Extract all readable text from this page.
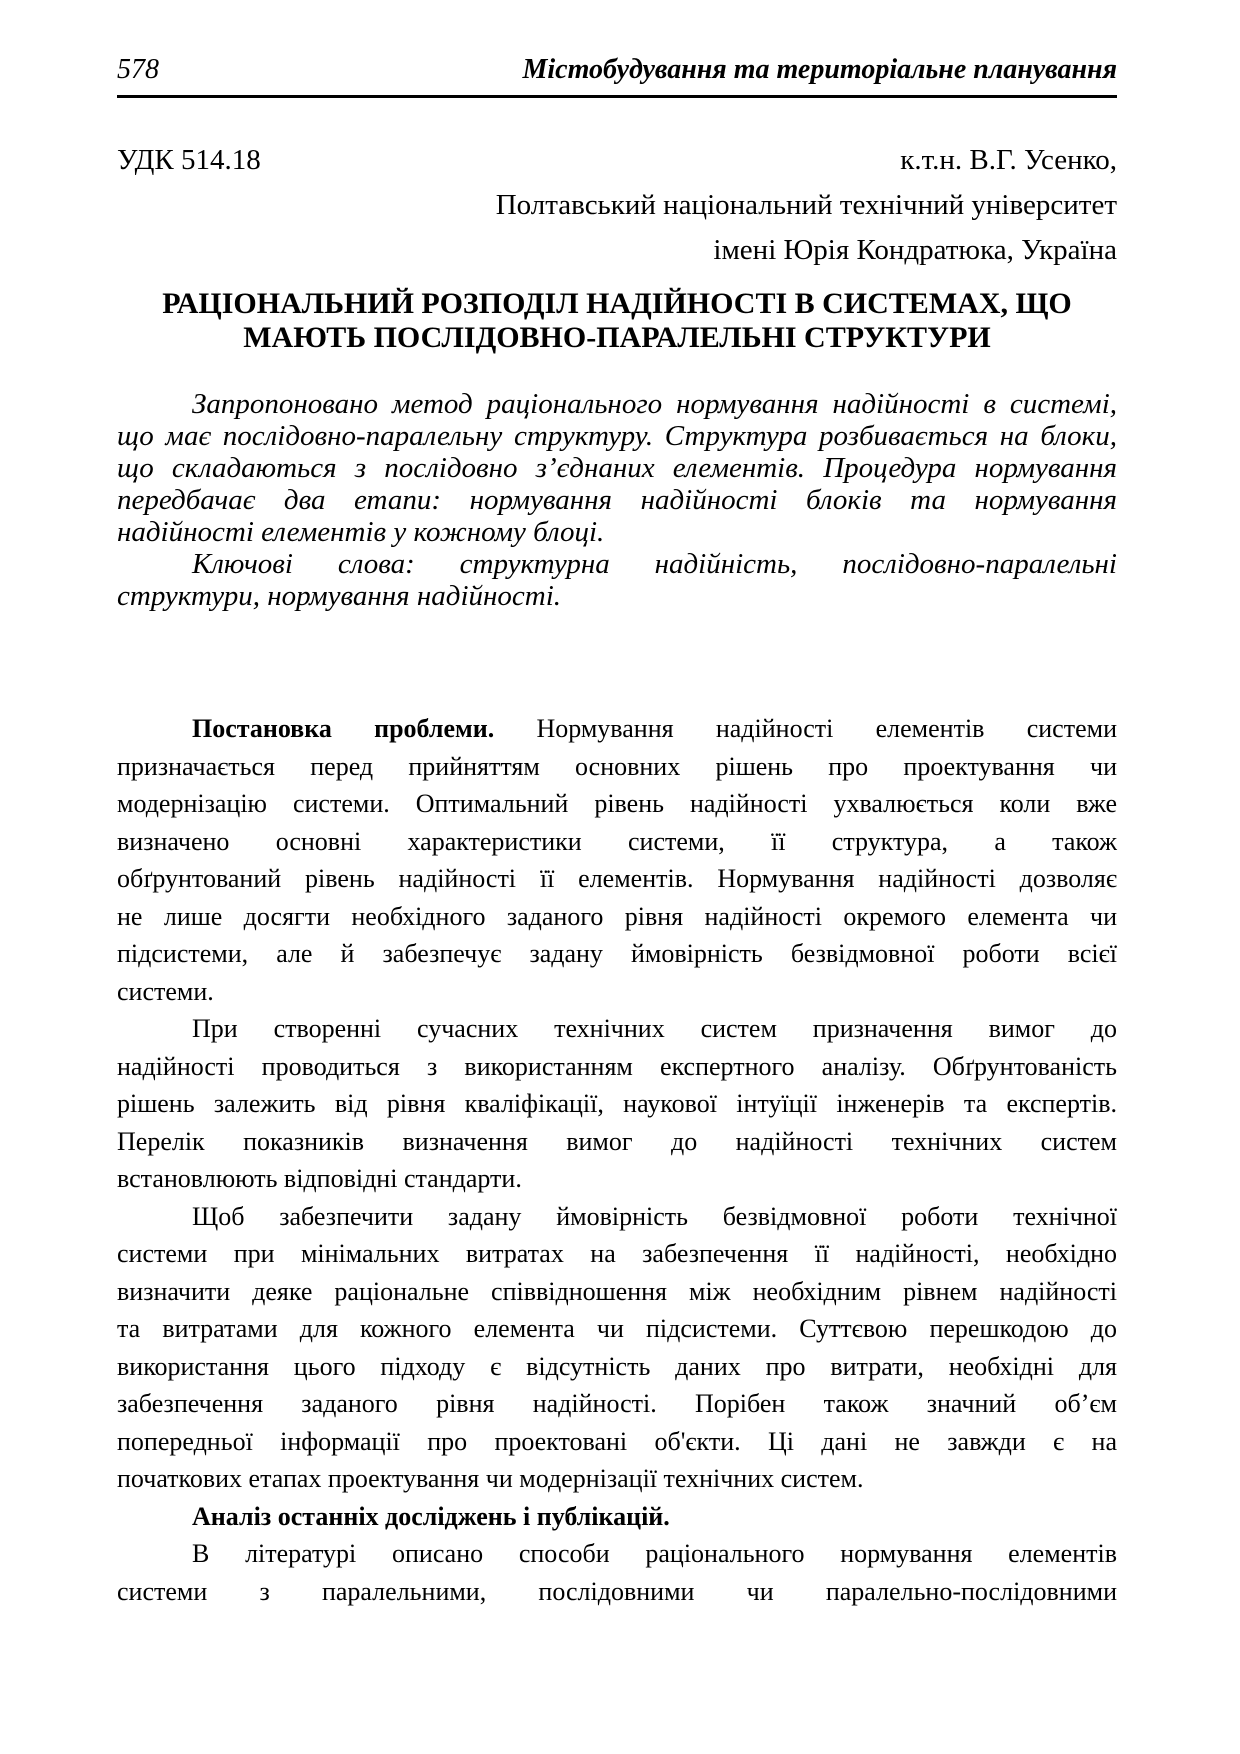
578	Містобудування та територіальне планування
УДК 514.18	к.т.н. В.Г. Усенко,
Полтавський національний технічний університет
імені Юрія Кондратюка, Україна
РАЦІОНАЛЬНИЙ РОЗПОДІЛ НАДІЙНОСТІ В СИСТЕМАХ, ЩО
МАЮТЬ ПОСЛІДОВНО-ПАРАЛЕЛЬНІ СТРУКТУРИ
Запропоновано метод раціонального нормування надійності в системі,
що має послідовно-паралельну структуру. Структура розбивається на блоки,
що складаються з послідовно з’єднаних елементів. Процедура нормування
передбачає два етапи: нормування надійності блоків та нормування
надійності елементів у кожному блоці.
Ключові слова: структурна надійність, послідовно-паралельні
структури, нормування надійності.
Постановка проблеми. Нормування надійності елементів системи
призначається перед прийняттям основних рішень про проектування чи
модернізацію системи. Оптимальний рівень надійності ухвалюється коли вже
визначено основні характеристики системи, її структура, а також
обґрунтований рівень надійності її елементів. Нормування надійності дозволяє
не лише досягти необхідного заданого рівня надійності окремого елемента чи
підсистеми, але й забезпечує задану ймовірність безвідмовної роботи всієї
системи.
При створенні сучасних технічних систем призначення вимог до
надійності проводиться з використанням експертного аналізу. Обґрунтованість
рішень залежить від рівня кваліфікації, наукової інтуїції інженерів та експертів.
Перелік показників визначення вимог до надійності технічних систем
встановлюють відповідні стандарти.
Щоб забезпечити задану ймовірність безвідмовної роботи технічної
системи при мінімальних витратах на забезпечення її надійності, необхідно
визначити деяке раціональне співвідношення між необхідним рівнем надійності
та витратами для кожного елемента чи підсистеми. Суттєвою перешкодою до
використання цього підходу є відсутність даних про витрати, необхідні для
забезпечення заданого рівня надійності. Порібен також значний об’єм
попередньої інформації про проектовані об'єкти. Ці дані не завжди є на
початкових етапах проектування чи модернізації технічних систем.
Аналіз останніх досліджень і публікацій.
В літературі описано способи раціонального нормування елементів
системи з паралельними, послідовними чи паралельно-послідовними
